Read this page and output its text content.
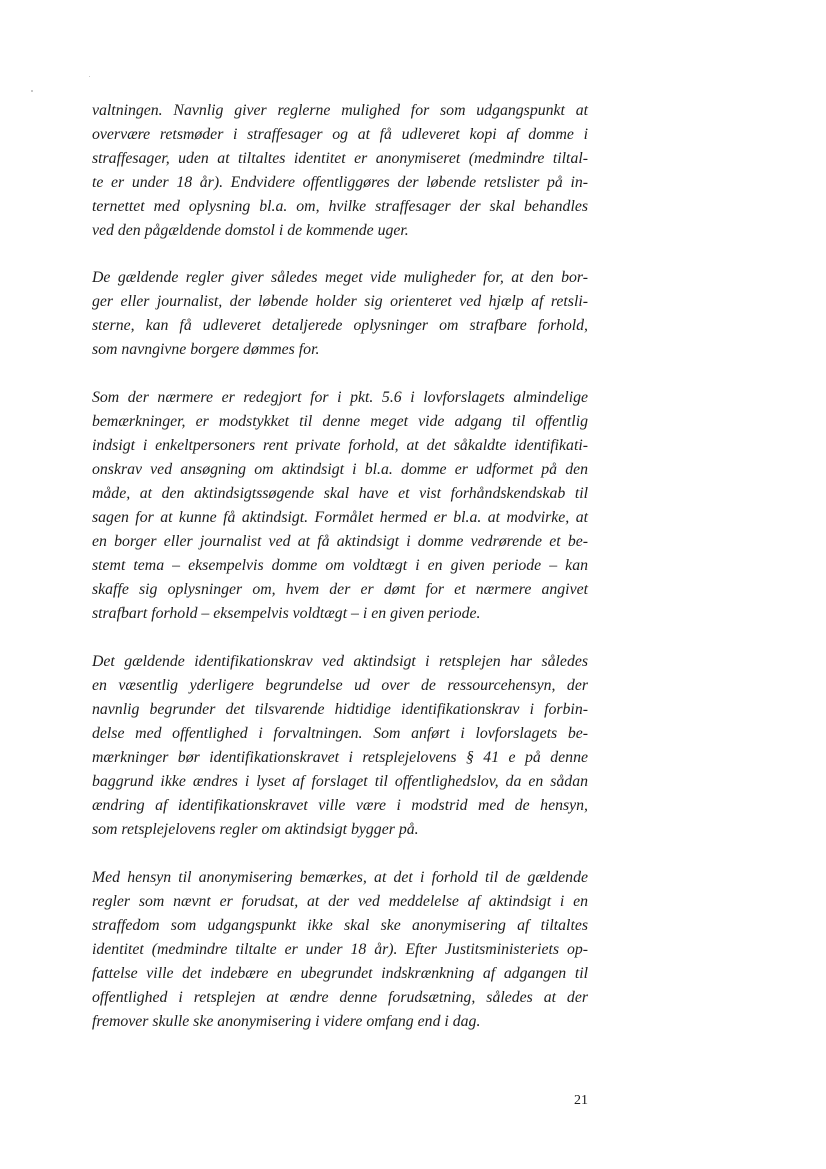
valtningen. Navnlig giver reglerne mulighed for som udgangspunkt at

overvære retsmøder i straffesager og at få udleveret kopi af domme i

straffesager, uden at tiltaltes identitet er anonymiseret (medmindre tiltal-

te er under 18 år). Endvidere offentliggøres der løbende retslister på in-

ternettet med oplysning bl.a. om, hvilke straffesager der skal behandles

ved den pågældende domstol i de kommende uger.

De gældende regler giver således meget vide muligheder for, at den bor-

ger eller journalist, der løbende holder sig orienteret ved hjælp af retsli-

sterne, kan få udleveret detaljerede oplysninger om strafbare forhold,

som navngivne borgere dømmes for.

Som der nærmere er redegjort for i pkt. 5.6 i lovforslagets almindelige

bemærkninger, er modstykket til denne meget vide adgang til offentlig

indsigt i enkeltpersoners rent private forhold, at det såkaldte identifikati-

onskrav ved ansøgning om aktindsigt i bl.a. domme er udformet på den

måde, at den aktindsigtssøgende skal have et vist forhåndskendskab til

sagen for at kunne få aktindsigt. Formålet hermed er bl.a. at modvirke, at

en borger eller journalist ved at få aktindsigt i domme vedrørende et be-

stemt tema – eksempelvis domme om voldtægt i en given periode – kan

skaffe sig oplysninger om, hvem der er dømt for et nærmere angivet

strafbart forhold – eksempelvis voldtægt – i en given periode.

Det gældende identifikationskrav ved aktindsigt i retsplejen har således

en væsentlig yderligere begrundelse ud over de ressourcehensyn, der

navnlig begrunder det tilsvarende hidtidige identifikationskrav i forbin-

delse med offentlighed i forvaltningen. Som anført i lovforslagets be-

mærkninger bør identifikationskravet i retsplejelovens § 41 e på denne

baggrund ikke ændres i lyset af forslaget til offentlighedslov, da en sådan

ændring af identifikationskravet ville være i modstrid med de hensyn,

som retsplejelovens regler om aktindsigt bygger på.

Med hensyn til anonymisering bemærkes, at det i forhold til de gældende

regler som nævnt er forudsat, at der ved meddelelse af aktindsigt i en

straffedom som udgangspunkt ikke skal ske anonymisering af tiltaltes

identitet (medmindre tiltalte er under 18 år). Efter Justitsministeriets op-

fattelse ville det indebære en ubegrundet indskrænkning af adgangen til

offentlighed i retsplejen at ændre denne forudsætning, således at der

fremover skulle ske anonymisering i videre omfang end i dag.

21
